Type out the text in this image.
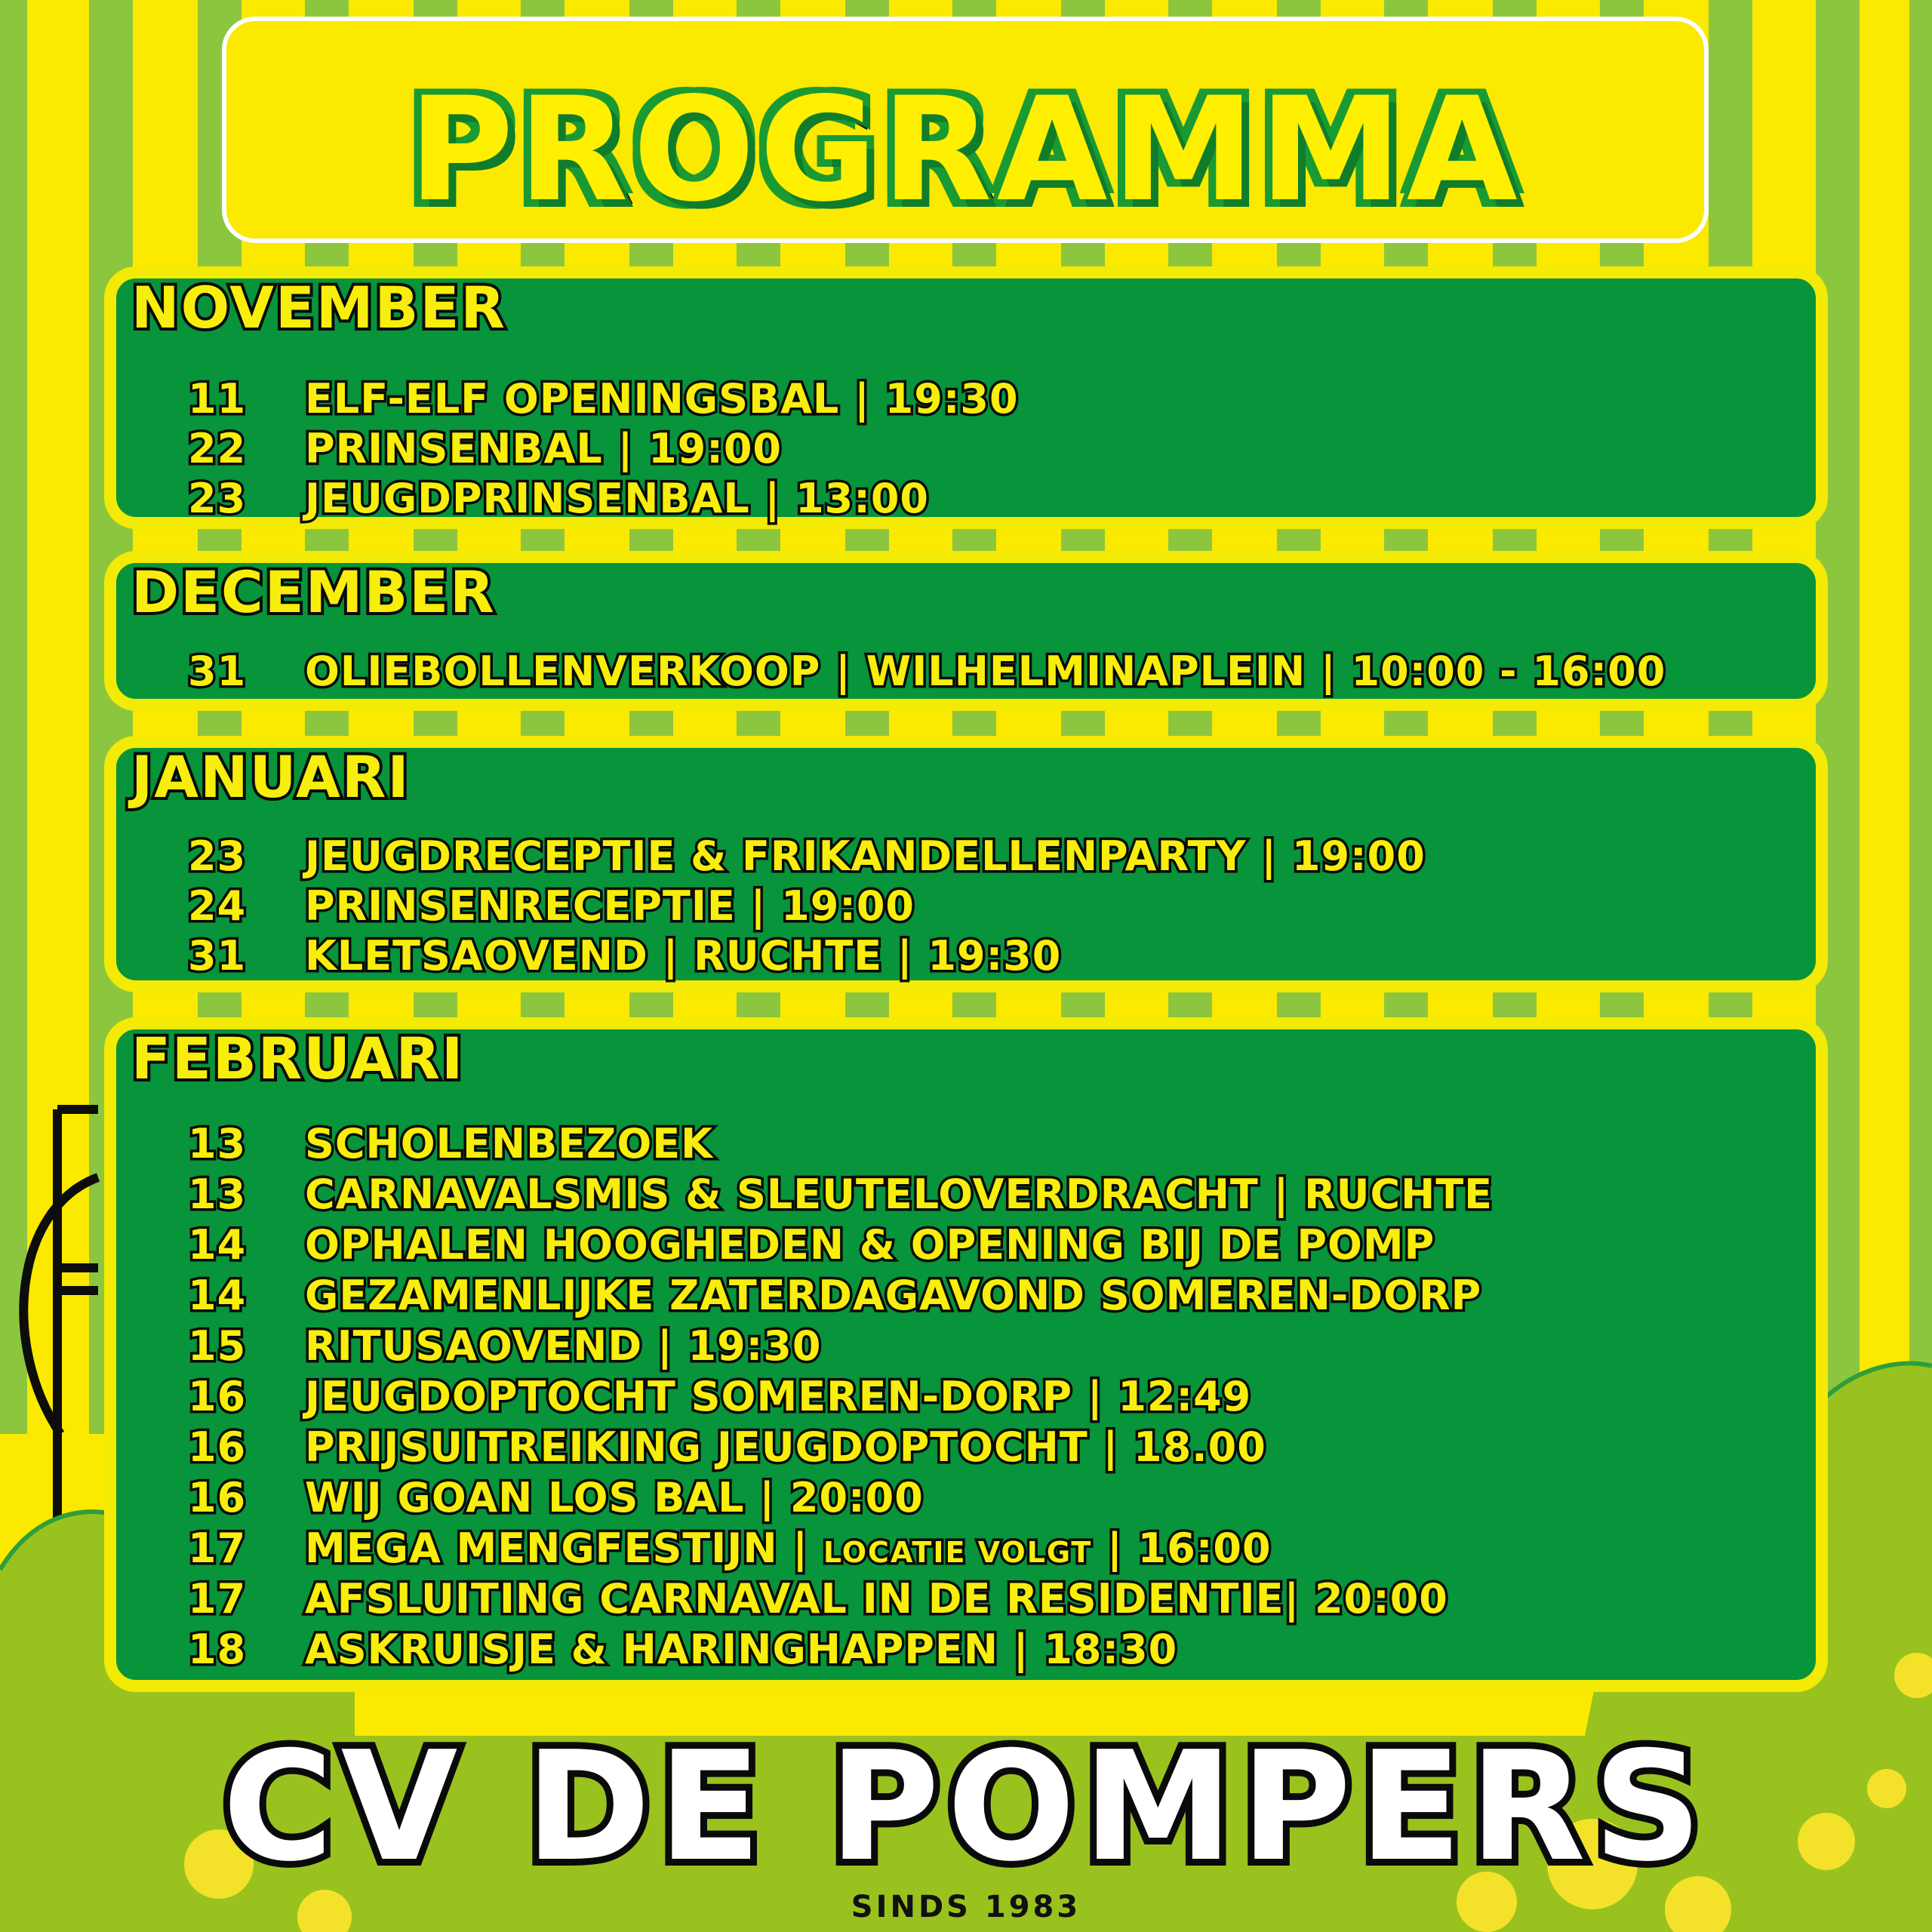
PROGRAMMA
NOVEMBER
11 ELF-ELF OPENINGSBAL | 19:30
22 PRINSENBAL | 19:00
23 JEUGDPRINSENBAL | 13:00
DECEMBER
31 OLIEBOLLENVERKOOP | WILHELMINAPLEIN | 10:00 - 16:00
JANUARI
23 JEUGDRECEPTIE & FRIKANDELLENPARTY | 19:00
24 PRINSENRECEPTIE | 19:00
31 KLETSAOVEND | RUCHTE | 19:30
FEBRUARI
13 SCHOLENBEZOEK
13 CARNAVALSMIS & SLEUTELOVERDRACHT | RUCHTE
14 OPHALEN HOOGHEDEN & OPENING BIJ DE POMP
14 GEZAMENLIJKE ZATERDAGAVOND SOMEREN-DORP
15 RITUSAOVEND | 19:30
16 JEUGDOPTOCHT SOMEREN-DORP | 12:49
16 PRIJSUITREIKING JEUGDOPTOCHT | 18.00
16 WIJ GOAN LOS BAL | 20:00
17 MEGA MENGFESTIJN | LOCATIE VOLGT | 16:00
17 AFSLUITING CARNAVAL IN DE RESIDENTIE| 20:00
18 ASKRUISJE & HARINGHAPPEN | 18:30
CV DE POMPERS
SINDS 1983
